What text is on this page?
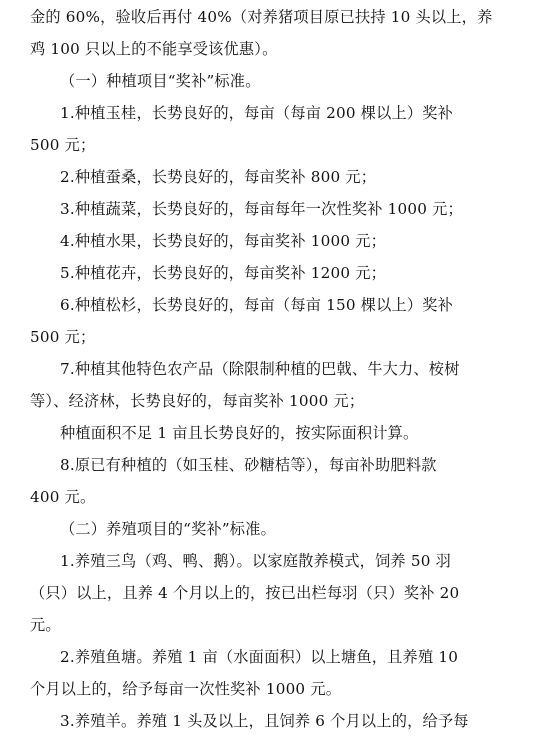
金的 60%，验收后再付 40%（对养猪项目原已扶持 10 头以上，养
鸡 100 只以上的不能享受该优惠）。
（一）种植项目“奖补”标准。
1.种植玉桂，长势良好的，每亩（每亩 200 棵以上）奖补
500 元；
2.种植蚕桑，长势良好的，每亩奖补 800 元；
3.种植蔬菜，长势良好的，每亩每年一次性奖补 1000 元；
4.种植水果，长势良好的，每亩奖补 1000 元；
5.种植花卉，长势良好的，每亩奖补 1200 元；
6.种植松杉，长势良好的，每亩（每亩 150 棵以上）奖补
500 元；
7.种植其他特色农产品（除限制种植的巴戟、牛大力、桉树
等）、经济林，长势良好的，每亩奖补 1000 元；
种植面积不足 1 亩且长势良好的，按实际面积计算。
8.原已有种植的（如玉桂、砂糖桔等），每亩补助肥料款
400 元。
（二）养殖项目的“奖补”标准。
1.养殖三鸟（鸡、鸭、鹅）。以家庭散养模式，饲养 50 羽
（只）以上，且养 4 个月以上的，按已出栏每羽（只）奖补 20
元。
2.养殖鱼塘。养殖 1 亩（水面面积）以上塘鱼，且养殖 10
个月以上的，给予每亩一次性奖补 1000 元。
3.养殖羊。养殖 1 头及以上，且饲养 6 个月以上的，给予每
